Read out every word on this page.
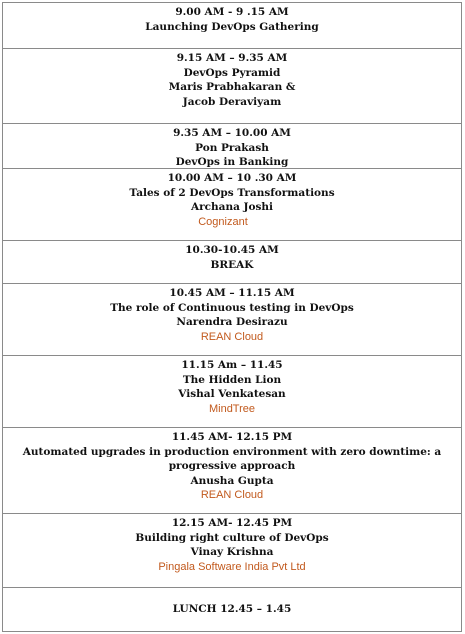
9.00 AM - 9 .15 AM
Launching DevOps Gathering
9.15 AM – 9.35 AM
DevOps Pyramid
Maris Prabhakaran &
Jacob Deraviyam
9.35 AM – 10.00 AM
Pon Prakash
DevOps in Banking
10.00 AM – 10 .30 AM
Tales of 2 DevOps Transformations
Archana Joshi
Cognizant
10.30-10.45 AM
BREAK
10.45 AM – 11.15 AM
The role of Continuous testing in DevOps
Narendra Desirazu
REAN Cloud
11.15 Am – 11.45
The Hidden Lion
Vishal Venkatesan
MindTree
11.45 AM- 12.15 PM
Automated upgrades in production environment with zero downtime: a
progressive approach
Anusha Gupta
REAN Cloud
12.15 AM- 12.45 PM
Building right culture of DevOps
Vinay Krishna
Pingala Software India Pvt Ltd
LUNCH 12.45 – 1.45
